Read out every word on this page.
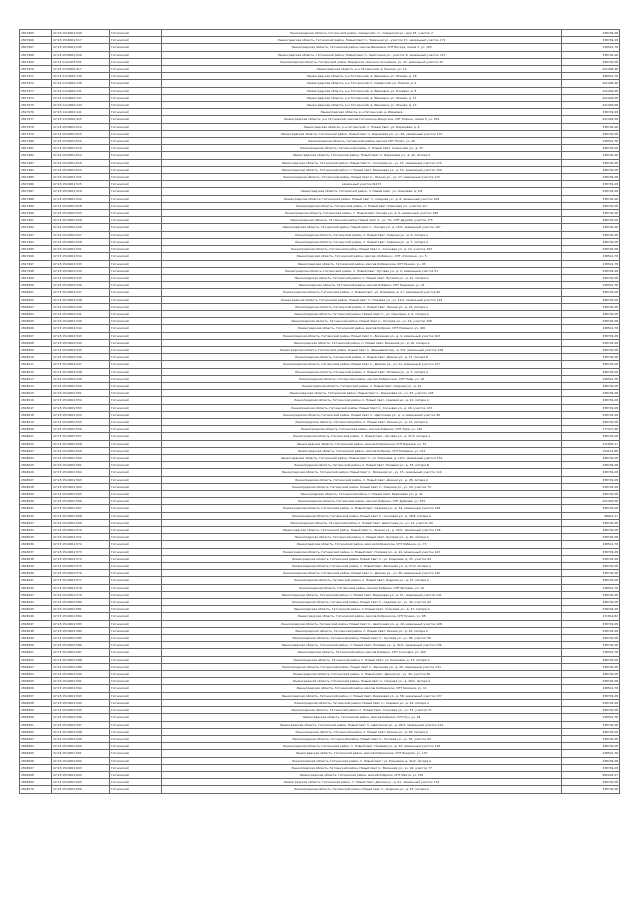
2817965	47:23:1516001:549	Гатчинский	Ленинградская область, Гатчинский район, Сиверский г.п., Сиверская ул., дом 35, участок 2	338749,28
2817966	47:23:1516001:517	Гатчинский	Ленинградская область, Гатчинский район, Новый Свет п., Заречная ул., участок 17, земельный участок 172	338749,28
2817967	47:23:1516001:545	Гатчинский	Ленинградская область, Гатчинский район, массив Ивановка, СНТ Восход, линия 3, уч. 103	138521,78
2817968	47:23:1516001:526	Гатчинский	Ленинградская область, Гатчинский район, Новый Свет п., Цветочная ул., участок 9, земельный участок 113	338749,28
2817969	47:23:1111003:551	Гатчинский	Ленинградская область, Гатчинский район, Веревское сельское поселение, уч. 47, земельный участок 34	338749,28
2817970	47:23:1115002:417	Гатчинский	Ленинградская область, р-н Гатчинский, д. Пенино, ул. 12	421448,48
2817971	47:23:1114002:130	Гатчинский	Ленинградская область, р-н Гатчинский, д. Ивановка, ул. Южная, д. 18	338521,78
2817972	47:23:1114002:138	Гатчинский	Ленинградская область, р-н Гатчинский, п. Сиверский, ул. Южная, д. 9	421448,48
2817973	47:23:1114002:131	Гатчинский	Ленинградская область, р-н Гатчинский, д. Ивановка, ул. Полевая, д. 8	121449,58
2817974	47:23:1114002:137	Гатчинский	Ленинградская область, р-н Гатчинский, д. Ивановка, ул. Южная, д. 11	421449,58
2817975	47:23:1114002:143	Гатчинский	Ленинградская область, р-н Гатчинский, д. Ивановка, ул. Южная, д. 13	421449,58
2817976	47:23:1114002:141	Гатчинский	Ленинградская область, р-н Гатчинский, д. Ивановка	338749,28
2817977	47:23:1115002:415	Гатчинский	Ленинградская область, р-н Гатчинский, массив Гатчинское-Ижорское, СНТ Южное, линия 5, уч. 25а	421449,58
2817978	47:23:1519001:512	Гатчинский	Ленинградская область, р-н Гатчинский, п. Новый Свет, ул. Березовая, д. 8	338749,28
2817979	47:23:1519001:515	Гатчинский	Ленинградская область, Гатчинский район, Новый Свет п., Березовая ул., уч. 64, земельный участок 170	338749,28
2817980	47:23:1516001:512	Гатчинский	Ленинградская область, Гатчинский район, массив СНТ Полет, уч. 26	138521,78
2817981	47:23:1519001:510	Гатчинский	Ленинградская область, Гатчинский район, п. Новый Свет, Солнечная ул., д. 25	338749,28
2817982	47:23:1519001:514	Гатчинский	Ленинградская область, Гатчинский район, Новый Свет п., Березовая ул., д. 45, литера А	338749,28
2817983	47:23:1519001:516	Гатчинский	Ленинградская область, Гатчинский район, Новый Свет п., Сосновая ул., уч. 13, земельный участок 174	338749,28
2817984	47:23:1519001:513	Гатчинский	Ленинградская область, Гатчинский район, п. Новый Свет, Березовая ул., д. 15, земельный участок 150	338749,28
2817985	47:23:1519001:521	Гатчинский	Ленинградская область, Гатчинский район, Новый Свет п., Лесная ул., уч. 17, земельный участок 172	338749,28
2817986	47:23:1519001:525	Гатчинский	земельный участок №173	338749,28
2817987	47:23:1519001:519	Гатчинский	Ленинградская область, Гатчинский район, п. Новый Свет, ул. Ольховая, д. 4/4	338749,28
2817988	47:23:1519001:522	Гатчинский	Ленинградская область, Гатчинский район, Новый Свет п., Озерная ул., д. 8, земельный участок 169	338749,28
2817989	47:23:1519001:518	Гатчинский	Ленинградская область, Гатчинский район, п. Новый Свет, Кленовая ул., участок 1/1	338749,28
2817990	47:23:1519001:523	Гатчинский	Ленинградская область, Гатчинский район, п. Новый Свет, Речная ул., д. 6, земельный участок 168	338749,28
2817991	47:23:1519001:526	Гатчинский	Ленинградская область, Гатчинский район, Новый Свет п., уч. 7/1, СНТ Дружба, участок 175	338749,28
2817992	47:23:1519001:509	Гатчинский	Ленинградская область, Гатчинский район, Новый Свет п., Лесная ул., д. 16/1, земельный участок 167	338749,28
2817993	47:23:1519001:527	Гатчинский	Ленинградская область, Гатчинский район, п. Новый Свет, Озерная ул., д. 5, литера А	338749,28
2817994	47:23:1519001:528	Гатчинский	Ленинградская область, Гатчинский район, п. Новый Свет, Садовая ул., д. 7, литера А	338749,28
2817995	47:23:1519001:531	Гатчинский	Ленинградская область, Гатчинский район, Новый Свет п., Сосновая ул., д. 12, участок 153	338749,28
2817996	47:23:1519001:532	Гатчинский	Ленинградская область, Гатчинский район, массив «Кобрино», СНТ «Полесье», уч. 5	138521,78
2817997	47:23:1516001:533	Гатчинский	Ленинградская область, Гатчинский район, массив Кобринское, СНТ Речник, уч. 93	138521,78
2817998	47:23:1519001:534	Гатчинский	Ленинградская область, Гатчинский район, п. Новый Свет, Луговая ул., д. 9, земельный участок 51	338749,28
2817999	47:23:1519001:535	Гатчинский	Ленинградская область, Гатчинский район, п. Новый Свет, Луговая ул., д. 11, литера А	338749,28
2818000	47:23:1519001:536	Гатчинский	Ленинградская область, Гатчинский район, массив Кобрино, СНТ Надежда, уч. 41	138521,78
2818001	47:23:1519001:537	Гатчинский	Ленинградская область, Гатчинский район, п. Новый Свет, ул. Кленовая, д. 17, земельный участок 60	338749,28
2818002	47:23:1519001:538	Гатчинский	Ленинградская область, Гатчинский район, Новый Свет п., Полевая ул., уч. 21/1, земельный участок 119	338749,28
2818003	47:23:1519001:539	Гатчинский	Ленинградская область, Гатчинский район, п. Новый Свет, Лесная ул., д. 23, литера А	338749,28
2818004	47:23:1519001:541	Гатчинский	Ленинградская область, Гатчинский район, Новый Свет п., ул. Ольховая, д. 9, литера А	338749,28
2818005	47:23:1519001:540	Гатчинский	Ленинградская область, Гатчинский район, Новый Свет п., Луговая ул., уч. 14, участок 108	338749,28
2818006	47:23:1519001:542	Гатчинский	Ленинградская область, Гатчинский район, массив Кобрино, СНТ Ромашка, уч. 400	138521,78
2818007	47:23:1519001:543	Гатчинский	Ленинградская область, Гатчинский район, Новый Свет п., Весенняя ул., д. 4, земельный участок 162	338749,28
2818008	47:23:1519001:544	Гатчинский	Ленинградская область, Гатчинский район, п. Новый Свет, Весенняя ул., д. 10, литера А	338749,28
2818009	47:23:1519001:545	Гатчинский	Ленинградская область, Гатчинский район, Новый Свет п., Вишневый пер., д. 5/4, земельный участок 158	338749,28
2818010	47:23:1519001:546	Гатчинский	Ленинградская область, Гатчинский район, п. Новый Свет, Дачная ул., д. 17, литера Б	338749,28
2818011	47:23:1519001:547	Гатчинский	Ленинградская область, Гатчинский район, Новый Свет п., Дачная ул., уч. 21, земельный участок 157	338749,28
2818012	47:23:1519001:548	Гатчинский	Ленинградская область, Гатчинский район, п. Новый Свет, Полевая ул., д. 7, литера А	338749,28
2818013	47:23:1519001:549	Гатчинский	Ленинградская область, Гатчинский район, массив Кобринское, СНТ Нива, уч. 18	138521,78
2818014	47:23:1519001:550	Гатчинский	Ленинградская область, Гатчинский район, п. Новый Свет, Озерная ул., д. 19	338749,28
2818015	47:23:1519001:551	Гатчинский	Ленинградская область, Гатчинский район, Новый Свет п., Березовая ул., уч. 33, участок 104	338749,28
2818016	47:23:1519001:552	Гатчинский	Ленинградская область, Гатчинский район, п. Новый Свет, Садовая ул., д. 21, литера А	338749,28
2818017	47:23:1519001:553	Гатчинский	Ленинградская область, Гатчинский район, Новый Свет п., Сосновая ул., д. 26, участок 133	338749,28
2818018	47:23:1519001:554	Гатчинский	Ленинградская область, Гатчинский район, Новый Свет п., Цветочная ул., д. 4, земельный участок 89	338749,28
2818019	47:23:1519001:555	Гатчинский	Ленинградская область, Гатчинский район, п. Новый Свет, Речная ул., д. 14, литера А	338749,28
2818020	47:23:1519001:556	Гатчинский	Ленинградская область, Гатчинский район, массив Кобрино, СНТ Заря, уч. 120	177471,48
2818021	47:23:1519001:557	Гатчинский	Ленинградская область, Гатчинский район, п. Новый Свет, Луговая ул., д. 31/3, литера А	338749,28
2818022	47:23:1519001:558	Гатчинский	Ленинградская область, Гатчинский район, массив Кобринское, СНТ Березка, уч. 57	131849,17
2818023	47:23:1519001:559	Гатчинский	Ленинградская область, Гатчинский район, массив Кобрино, СНТ Ромашка, уч. 212	154112,88
2818024	47:23:1519001:560	Гатчинский	Ленинградская область, Гатчинский район, Новый Свет п., ул. Кленовая, д. 12/1, земельный участок 151	338749,28
2818025	47:23:1519001:561	Гатчинский	Ленинградская область, Гатчинский район, п. Новый Свет, Полевая ул., д. 33, литера Б	338749,28
2818026	47:23:1519001:562	Гатчинский	Ленинградская область, Гатчинский район, Новый Свет п., Весенняя ул., уч. 15, земельный участок 114	338749,28
2818027	47:23:1519001:563	Гатчинский	Ленинградская область, Гатчинский район, п. Новый Свет, Дачная ул., д. 28, литера А	338749,28
2818028	47:23:1519001:564	Гатчинский	Ленинградская область, Гатчинский район, Новый Свет п., Озерная ул., уч. 30, участок 74	338749,28
2818029	47:23:1519001:565	Гатчинский	Ленинградская область, Гатчинский район, п. Новый Свет, Березовая ул., д. 42	338749,28
2818030	47:23:1519001:566	Гатчинский	Ленинградская область, Гатчинский район, массив Кобрино, СНТ Дубрава, уч. 334	421449,58
2818031	47:23:1519001:567	Гатчинский	Ленинградская область, Гатчинский район, п. Новый Свет, Садовая ул., д. 34, земельный участок 148	338749,28
2818032	47:23:1519001:568	Гатчинский	Ленинградская область, Гатчинский район, Новый Свет п., Сосновая ул., д. 38/2, литера А	98921,17
2818033	47:23:1519001:569	Гатчинский	Ленинградская область, Гатчинский район, п. Новый Свет, Цветочная ул., уч. 12, участок 94	338749,28
2818034	47:23:1519001:570	Гатчинский	Ленинградская область, Гатчинский район, Новый Свет п., Речная ул., д. 22/1, земельный участок 136	338749,28
2818035	47:23:1519001:571	Гатчинский	Ленинградская область, Гатчинский район, п. Новый Свет, Луговая ул., д. 40, литера А	338749,28
2818036	47:23:1519001:572	Гатчинский	Ленинградская область, Гатчинский район, массив Кобринское, СНТ Рябинка, уч. 73	138521,78
2818037	47:23:1519001:573	Гатчинский	Ленинградская область, Гатчинский район, п. Новый Свет, Полевая ул., д. 44, земельный участок 143	338749,28
2818038	47:23:1519001:574	Гатчинский	Ленинградская область, Гатчинский район, Новый Свет п., ул. Кленовая, д. 25, участок 83	338749,28
2818039	47:23:1519001:575	Гатчинский	Ленинградская область, Гатчинский район, п. Новый Свет, Весенняя ул., д. 27/2, литера А	338749,28
2818040	47:23:1519001:576	Гатчинский	Ленинградская область, Гатчинский район, Новый Свет п., Дачная ул., уч. 36, земельный участок 126	338749,28
2818041	47:23:1519001:577	Гатчинский	Ленинградская область, Гатчинский район, п. Новый Свет, Озерная ул., д. 37, литера А	338749,28
2818042	47:23:1519001:578	Гатчинский	Ленинградская область, Гатчинский район, массив Кобрино, СНТ Ветеран, уч. 19	138521,78
2818043	47:23:1519001:579	Гатчинский	Ленинградская область, Гатчинский район, п. Новый Свет, Березовая ул., д. 51, земельный участок 141	338749,28
2818044	47:23:1519001:580	Гатчинский	Ленинградская область, Гатчинский район, Новый Свет п., Садовая ул., уч. 40, участок 62	338749,28
2818045	47:23:1519001:581	Гатчинский	Ленинградская область, Гатчинский район, п. Новый Свет, Сосновая ул., д. 47, литера А	338749,28
2818046	47:23:1519001:582	Гатчинский	Ленинградская область, Гатчинский район, массив Кобринское, СНТ Ручеек, уч. 88	171814,82
2818047	47:23:1519001:583	Гатчинский	Ленинградская область, Гатчинский район, Новый Свет п., Цветочная ул., д. 19, земельный участок 128	338749,28
2818048	47:23:1519001:584	Гатчинский	Ленинградская область, Гатчинский район, п. Новый Свет, Речная ул., д. 29, литера А	338749,28
2818049	47:23:1519001:585	Гатчинский	Ленинградская область, Гатчинский район, Новый Свет п., Луговая ул., уч. 48, участок 58	338749,28
2818050	47:23:1519001:586	Гатчинский	Ленинградская область, Гатчинский район, п. Новый Свет, Полевая ул., д. 52/1, земельный участок 139	338749,28
2818051	47:23:1519001:587	Гатчинский	Ленинградская область, Гатчинский район, массив Кобрино, СНТ Сосновка, уч. 205	138521,78
2818052	47:23:1519001:588	Гатчинский	Ленинградская область, Гатчинский район, п. Новый Свет, ул. Кленовая, д. 33, литера А	338749,28
2818053	47:23:1519001:589	Гатчинский	Ленинградская область, Гатчинский район, Новый Свет п., Весенняя ул., д. 35, земельный участок 131	338749,28
2818054	47:23:1519001:590	Гатчинский	Ленинградская область, Гатчинский район, п. Новый Свет, Дачная ул., уч. 44, участок 66	338749,28
2818055	47:23:1519001:591	Гатчинский	Ленинградская область, Гатчинский район, Новый Свет п., Озерная ул., д. 46/2, литера А	338749,28
2818056	47:23:1519001:592	Гатчинский	Ленинградская область, Гатчинский район, массив Кобринское, СНТ Калинка, уч. 11	138521,78
2818057	47:23:1519001:593	Гатчинский	Ленинградская область, Гатчинский район, п. Новый Свет, Березовая ул., д. 58, земельный участок 137	338749,28
2818058	47:23:1519001:594	Гатчинский	Ленинградская область, Гатчинский район, Новый Свет п., Садовая ул., д. 49, литера А	338749,28
2818059	47:23:1519001:595	Гатчинский	Ленинградская область, Гатчинский район, п. Новый Свет, Сосновая ул., уч. 53, участок 71	338749,28
2818060	47:23:1519001:596	Гатчинский	Ленинградская область, Гатчинский район, массив Кобрино, СНТ Луч, уч. 64	138521,78
2818061	47:23:1519001:597	Гатчинский	Ленинградская область, Гатчинский район, Новый Свет п., Цветочная ул., д. 26/1, земельный участок 124	338749,28
2818062	47:23:1519001:598	Гатчинский	Ленинградская область, Гатчинский район, п. Новый Свет, Речная ул., д. 36, литера А	338749,28
2818063	47:23:1519001:599	Гатчинский	Ленинградская область, Гатчинский район, Новый Свет п., Луговая ул., уч. 55, участок 69	338749,28
2818064	47:23:1519001:600	Гатчинский	Ленинградская область, Гатчинский район, п. Новый Свет, Полевая ул., д. 59, земельный участок 118	338749,28
2818065	47:23:1519001:601	Гатчинский	Ленинградская область, Гатчинский район, массив Кобринское, СНТ Энергия, уч. 107	138521,78
2818066	47:23:1519001:602	Гатчинский	Ленинградская область, Гатчинский район, п. Новый Свет, ул. Кленовая, д. 41/2, литера А	338749,28
2818067	47:23:1519001:603	Гатчинский	Ленинградская область, Гатчинский район, Новый Свет п., Весенняя ул., уч. 42, участок 77	338749,28
2818068	47:23:1519001:604	Гатчинский	Ленинградская область, Гатчинский район, массив Кобрино, СНТ Мечта, уч. 150	582224,27
2818069	47:23:1519001:605	Гатчинский	Ленинградская область, Гатчинский район, п. Новый Свет, Дачная ул., д. 51, земельный участок 115	338749,28
2818070	47:23:1519001:606	Гатчинский	Ленинградская область, Гатчинский район, Новый Свет п., Озерная ул., д. 53, литера А	338749,28
